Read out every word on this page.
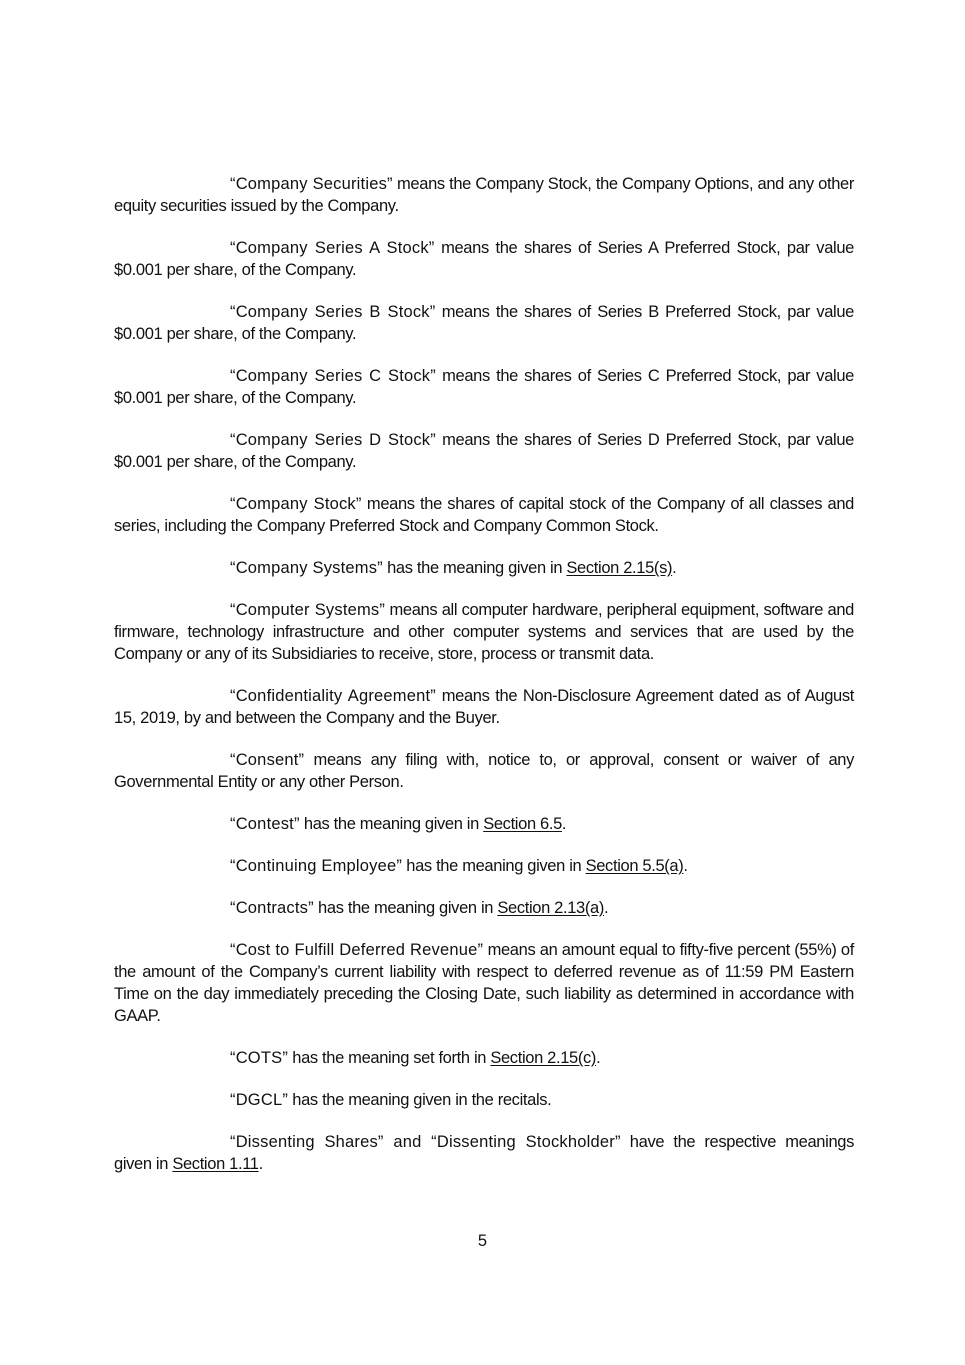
“Company Securities” means the Company Stock, the Company Options, and any other equity securities issued by the Company.

“Company Series A Stock” means the shares of Series A Preferred Stock, par value $0.001 per share, of the Company.

“Company Series B Stock” means the shares of Series B Preferred Stock, par value $0.001 per share, of the Company.

“Company Series C Stock” means the shares of Series C Preferred Stock, par value $0.001 per share, of the Company.

“Company Series D Stock” means the shares of Series D Preferred Stock, par value $0.001 per share, of the Company.

“Company Stock” means the shares of capital stock of the Company of all classes and series, including the Company Preferred Stock and Company Common Stock.

“Company Systems” has the meaning given in Section 2.15(s).

“Computer Systems” means all computer hardware, peripheral equipment, software and firmware, technology infrastructure and other computer systems and services that are used by the Company or any of its Subsidiaries to receive, store, process or transmit data.

“Confidentiality Agreement” means the Non-Disclosure Agreement dated as of August 15, 2019, by and between the Company and the Buyer.

“Consent” means any filing with, notice to, or approval, consent or waiver of any Governmental Entity or any other Person.

“Contest” has the meaning given in Section 6.5.

“Continuing Employee” has the meaning given in Section 5.5(a).

“Contracts” has the meaning given in Section 2.13(a).

“Cost to Fulfill Deferred Revenue” means an amount equal to fifty-five percent (55%) of the amount of the Company’s current liability with respect to deferred revenue as of 11:59 PM Eastern Time on the day immediately preceding the Closing Date, such liability as determined in accordance with GAAP.

“COTS” has the meaning set forth in Section 2.15(c).

“DGCL” has the meaning given in the recitals.

“Dissenting Shares” and “Dissenting Stockholder” have the respective meanings given in Section 1.11.

5
